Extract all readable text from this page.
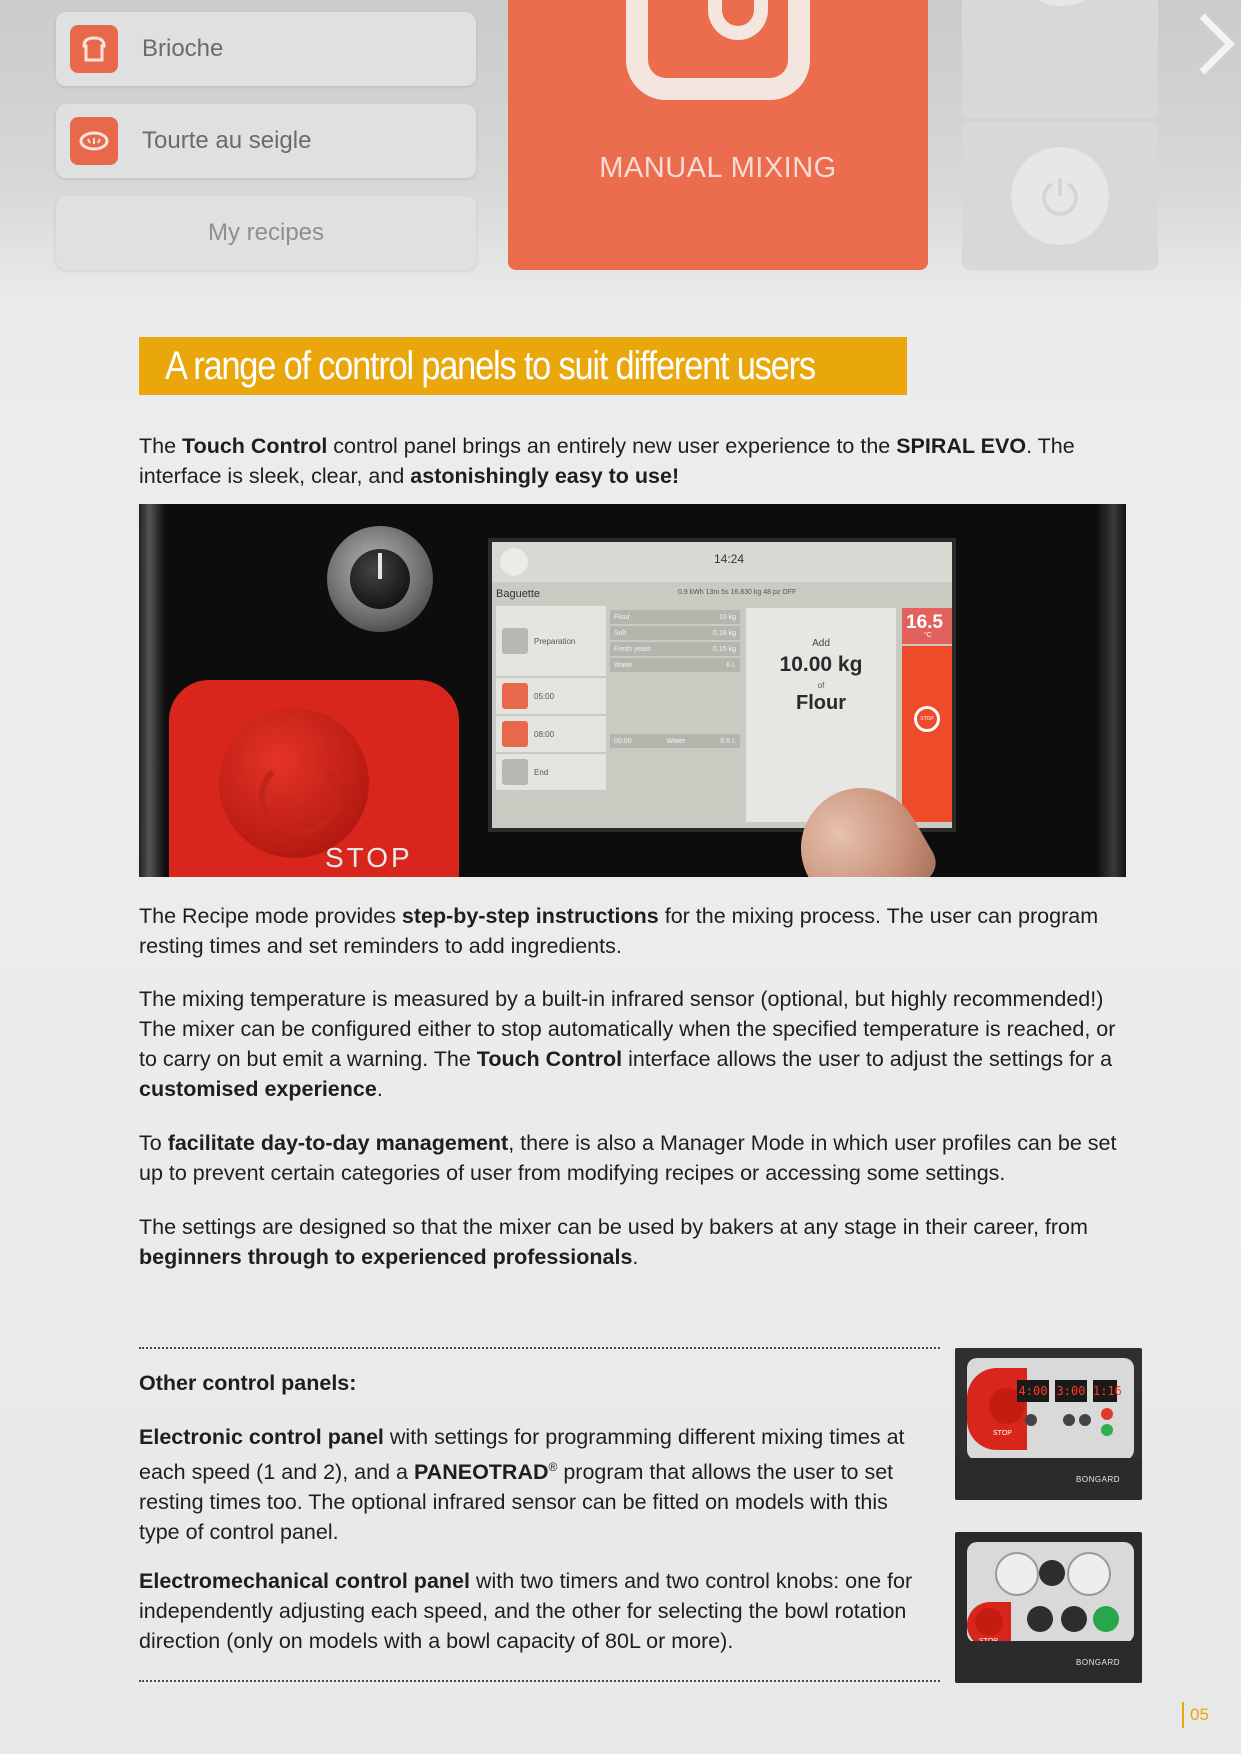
Brioche
Tourte au seigle
My recipes
MANUAL MIXING
A range of control panels to suit different users
The Touch Control control panel brings an entirely new user experience to the SPIRAL EVO. The interface is sleek, clear, and astonishingly easy to use!
STOP
14:24
Baguette	0.9 kWh 13m 5s 16.830 kg 48 pz OFF
Preparation
05:00
08:00
End
Flour	10 kg
Salt	0.18 kg
Fresh yeast	0.15 kg
Water	6 L
00:00	Water	0.5 L
Add
10.00 kg
of
Flour
16.5
°C
STOP
The Recipe mode provides step-by-step instructions for the mixing process. The user can program resting times and set reminders to add ingredients.
The mixing temperature is measured by a built-in infrared sensor (optional, but highly recommended!) The mixer can be configured either to stop automatically when the specified temperature is reached, or to carry on but emit a warning. The Touch Control interface allows the user to adjust the settings for a customised experience.
To facilitate day-to-day management, there is also a Manager Mode in which user profiles can be set up to prevent certain categories of user from modifying recipes or accessing some settings.
The settings are designed so that the mixer can be used by bakers at any stage in their career, from beginners through to experienced professionals.
Other control panels:
Electronic control panel with settings for programming different mixing times at each speed (1 and 2), and a PANEOTRAD® program that allows the user to set resting times too. The optional infrared sensor can be fitted on models with this type of control panel.
Electromechanical control panel with two timers and two control knobs: one for independently adjusting each speed, and the other for selecting the bowl rotation direction (only on models with a bowl capacity of 80L or more).
STOP
4:00 3:00 1:16
BONGARD
BONGARD
05
